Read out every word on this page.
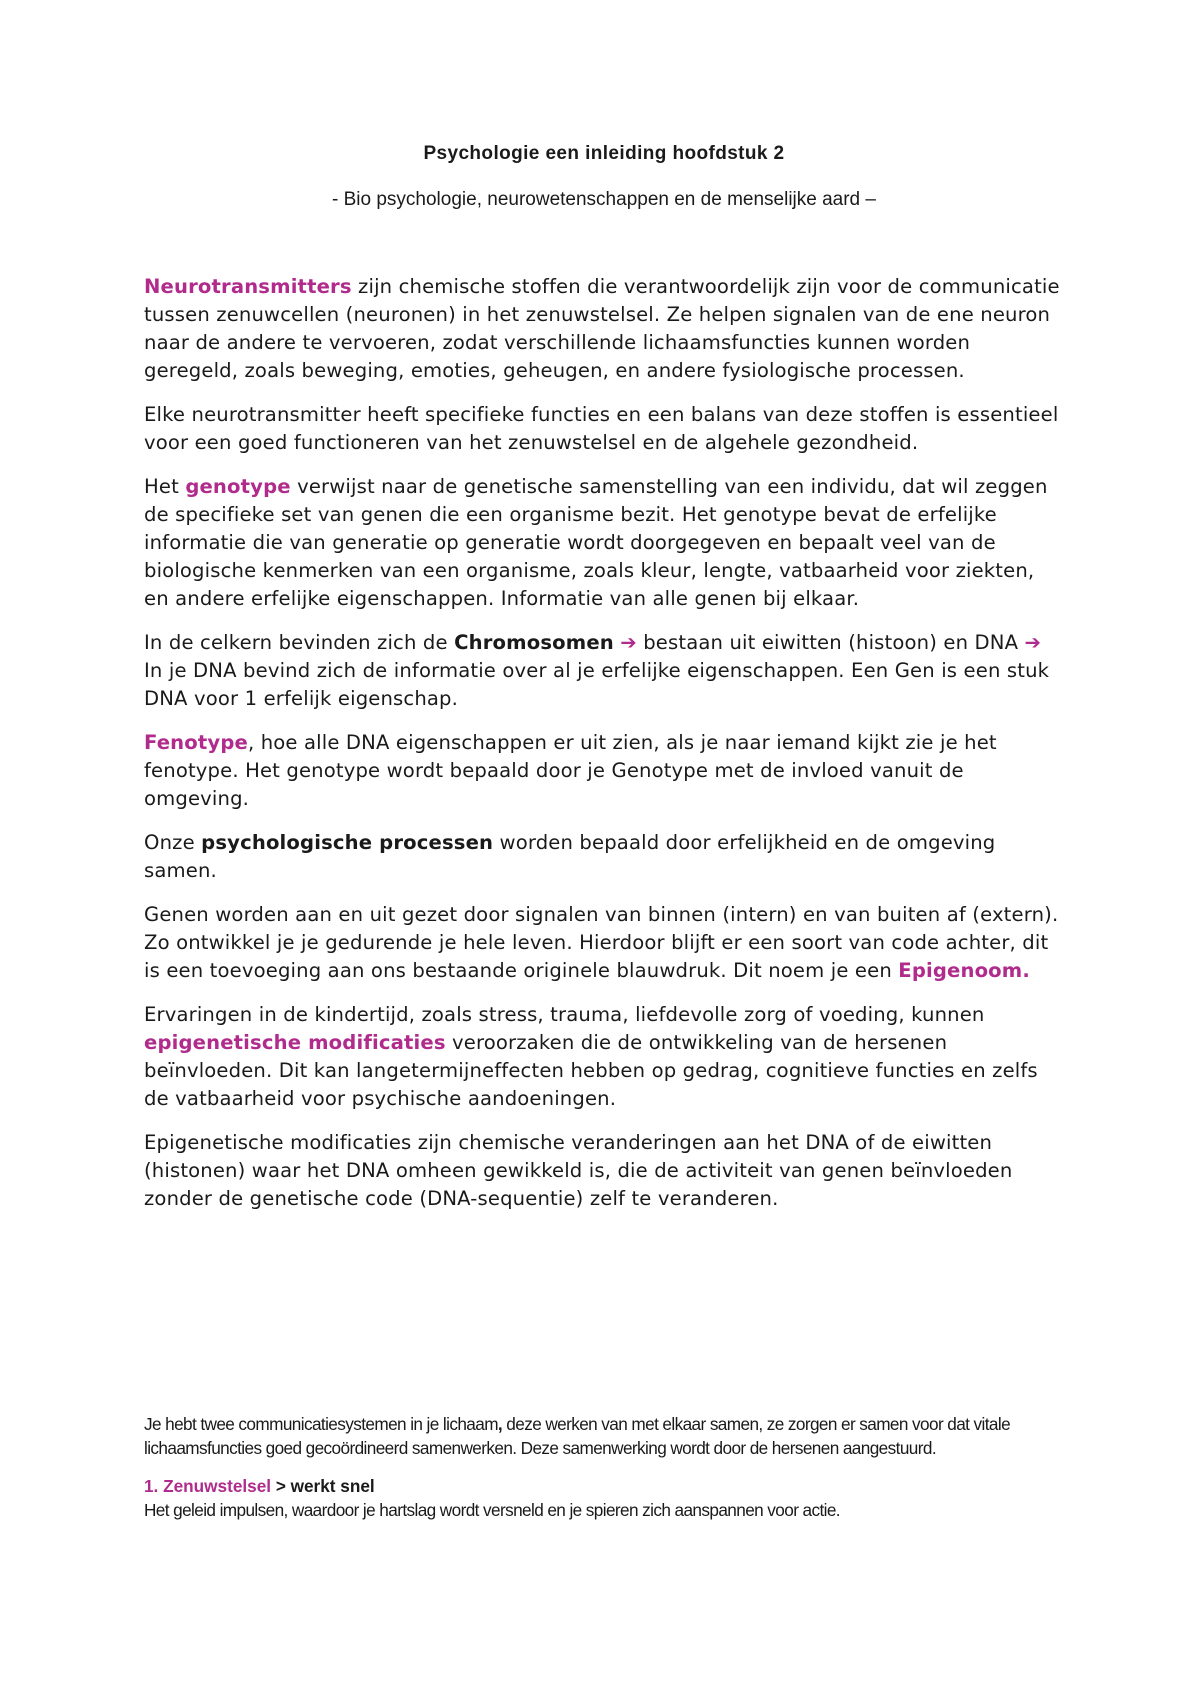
Psychologie een inleiding hoofdstuk 2

- Bio psychologie, neurowetenschappen en de menselijke aard –

Neurotransmitters zijn chemische stoffen die verantwoordelijk zijn voor de communicatie tussen zenuwcellen (neuronen) in het zenuwstelsel. Ze helpen signalen van de ene neuron naar de andere te vervoeren, zodat verschillende lichaamsfuncties kunnen worden geregeld, zoals beweging, emoties, geheugen, en andere fysiologische processen.

Elke neurotransmitter heeft specifieke functies en een balans van deze stoffen is essentieel voor een goed functioneren van het zenuwstelsel en de algehele gezondheid.

Het genotype verwijst naar de genetische samenstelling van een individu, dat wil zeggen de specifieke set van genen die een organisme bezit. Het genotype bevat de erfelijke informatie die van generatie op generatie wordt doorgegeven en bepaalt veel van de biologische kenmerken van een organisme, zoals kleur, lengte, vatbaarheid voor ziekten, en andere erfelijke eigenschappen. Informatie van alle genen bij elkaar.

In de celkern bevinden zich de Chromosomen ➔ bestaan uit eiwitten (histoon) en DNA ➔ In je DNA bevind zich de informatie over al je erfelijke eigenschappen. Een Gen is een stuk DNA voor 1 erfelijk eigenschap.

Fenotype, hoe alle DNA eigenschappen er uit zien, als je naar iemand kijkt zie je het fenotype. Het genotype wordt bepaald door je Genotype met de invloed vanuit de omgeving.

Onze psychologische processen worden bepaald door erfelijkheid en de omgeving samen.

Genen worden aan en uit gezet door signalen van binnen (intern) en van buiten af (extern). Zo ontwikkel je je gedurende je hele leven. Hierdoor blijft er een soort van code achter, dit is een toevoeging aan ons bestaande originele blauwdruk. Dit noem je een Epigenoom.

Ervaringen in de kindertijd, zoals stress, trauma, liefdevolle zorg of voeding, kunnen epigenetische modificaties veroorzaken die de ontwikkeling van de hersenen beïnvloeden. Dit kan langetermijneffecten hebben op gedrag, cognitieve functies en zelfs de vatbaarheid voor psychische aandoeningen.

Epigenetische modificaties zijn chemische veranderingen aan het DNA of de eiwitten (histonen) waar het DNA omheen gewikkeld is, die de activiteit van genen beïnvloeden zonder de genetische code (DNA-sequentie) zelf te veranderen.

Je hebt twee communicatiesystemen in je lichaam, deze werken van met elkaar samen, ze zorgen er samen voor dat vitale lichaamsfuncties goed gecoördineerd samenwerken. Deze samenwerking wordt door de hersenen aangestuurd.

1. Zenuwstelsel > werkt snel

Het geleid impulsen, waardoor je hartslag wordt versneld en je spieren zich aanspannen voor actie.
